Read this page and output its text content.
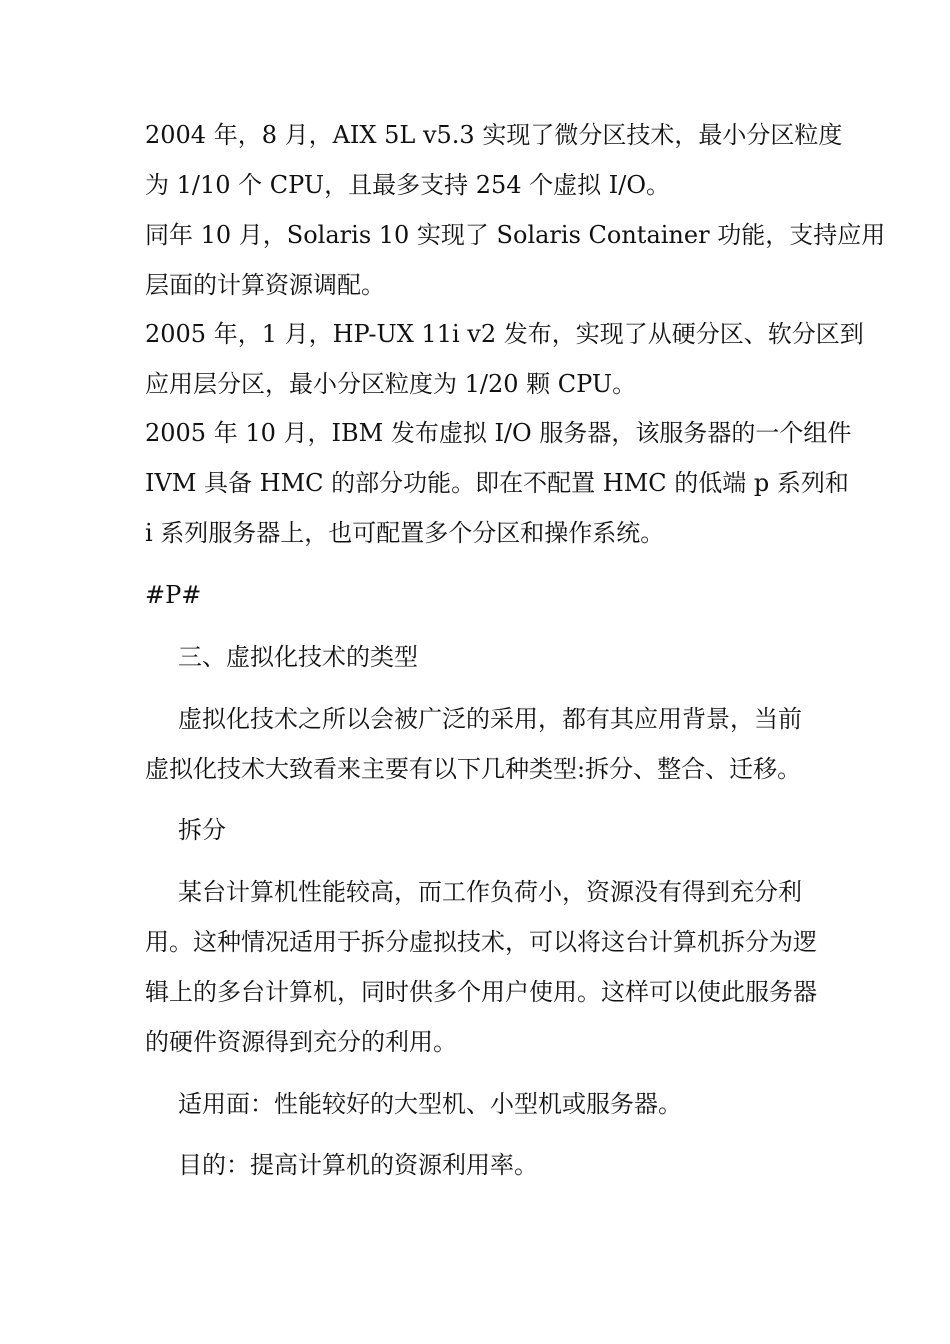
2004 年，8 月，AIX 5L v5.3 实现了微分区技术，最小分区粒度
为 1/10 个 CPU，且最多支持 254 个虚拟 I/O。
同年 10 月，Solaris 10 实现了 Solaris Container 功能，支持应用
层面的计算资源调配。
2005 年，1 月，HP-UX 11i v2 发布，实现了从硬分区、软分区到
应用层分区，最小分区粒度为 1/20 颗 CPU。
2005 年 10 月，IBM 发布虚拟 I/O 服务器，该服务器的一个组件
IVM 具备 HMC 的部分功能。即在不配置 HMC 的低端 p 系列和
i 系列服务器上，也可配置多个分区和操作系统。
#P#
三、虚拟化技术的类型
虚拟化技术之所以会被广泛的采用，都有其应用背景，当前
虚拟化技术大致看来主要有以下几种类型:拆分、整合、迁移。
拆分
某台计算机性能较高，而工作负荷小，资源没有得到充分利
用。这种情况适用于拆分虚拟技术，可以将这台计算机拆分为逻
辑上的多台计算机，同时供多个用户使用。这样可以使此服务器
的硬件资源得到充分的利用。
适用面：性能较好的大型机、小型机或服务器。
目的：提高计算机的资源利用率。
